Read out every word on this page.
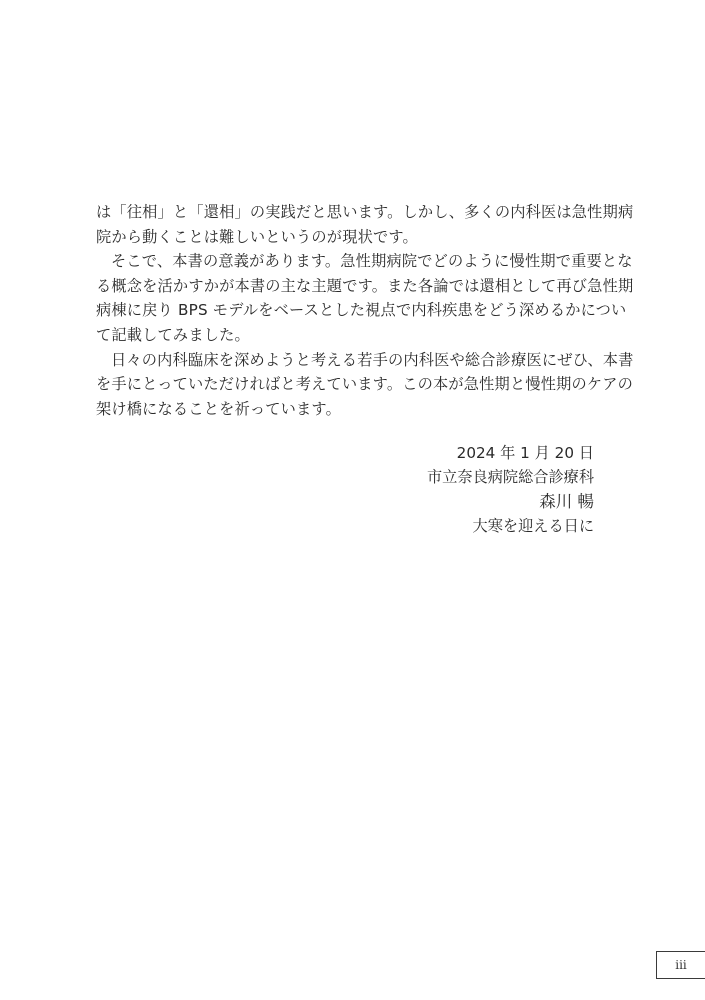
は「往相」と「還相」の実践だと思います。しかし、多くの内科医は急性期病
院から動くことは難しいというのが現状です。

そこで、本書の意義があります。急性期病院でどのように慢性期で重要とな
る概念を活かすかが本書の主な主題です。また各論では還相として再び急性期
病棟に戻り BPS モデルをベースとした視点で内科疾患をどう深めるかについ
て記載してみました。

日々の内科臨床を深めようと考える若手の内科医や総合診療医にぜひ、本書
を手にとっていただければと考えています。この本が急性期と慢性期のケアの
架け橋になることを祈っています。

2024 年 1 月 20 日
市立奈良病院総合診療科
森川 暢
大寒を迎える日に
iii
